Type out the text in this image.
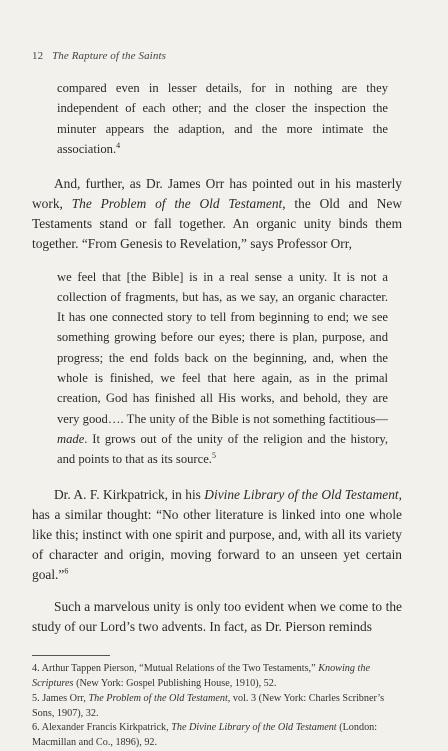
12 The Rapture of the Saints
compared even in lesser details, for in nothing are they independent of each other; and the closer the inspection the minuter appears the adaption, and the more intimate the association.$^4$

And, further, as Dr. James Orr has pointed out in his masterly work, The Problem of the Old Testament, the Old and New Testaments stand or fall together. An organic unity binds them together. “From Genesis to Revelation,” says Professor Orr,

we feel that [the Bible] is in a real sense a unity. It is not a collection of fragments, but has, as we say, an organic character. It has one connected story to tell from beginning to end; we see something growing before our eyes; there is plan, purpose, and progress; the end folds back on the beginning, and, when the whole is finished, we feel that here again, as in the primal creation, God has finished all His works, and behold, they are very good…. The unity of the Bible is not something factitious—made. It grows out of the unity of the religion and the history, and points to that as its source.$^5$

Dr. A. F. Kirkpatrick, in his Divine Library of the Old Testament, has a similar thought: “No other literature is linked into one whole like this; instinct with one spirit and purpose, and, with all its variety of character and origin, moving forward to an unseen yet certain goal.”$^6$

Such a marvelous unity is only too evident when we come to the study of our Lord’s two advents. In fact, as Dr. Pierson reminds

4. Arthur Tappen Pierson, “Mutual Relations of the Two Testaments,” Knowing the Scriptures (New York: Gospel Publishing House, 1910), 52.
5. James Orr, The Problem of the Old Testament, vol. 3 (New York: Charles Scribner’s Sons, 1907), 32.
6. Alexander Francis Kirkpatrick, The Divine Library of the Old Testament (London: Macmillan and Co., 1896), 92.
